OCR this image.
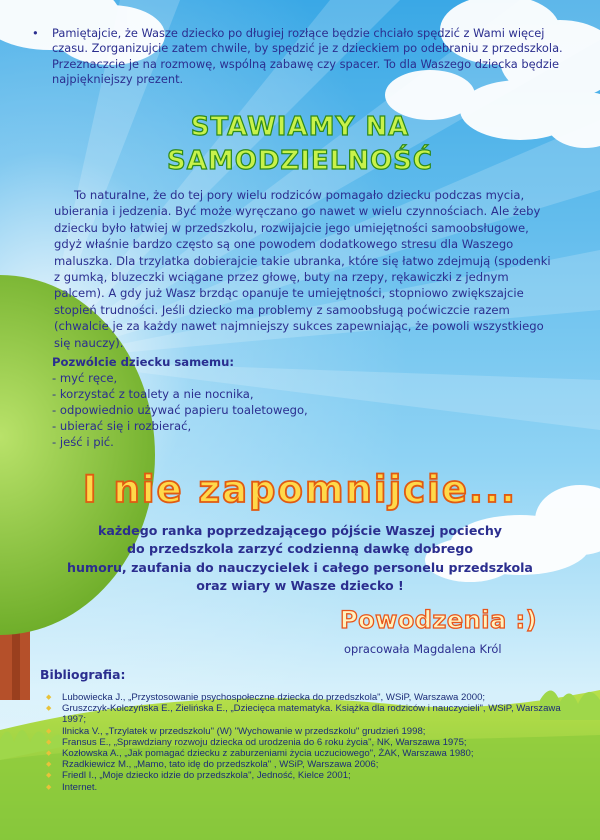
• Pamiętajcie, że Wasze dziecko po długiej rozłące będzie chciało spędzić z Wami więcej czasu. Zorganizujcie zatem chwile, by spędzić je z dzieckiem po odebraniu z przedszkola. Przeznaczcie je na rozmowę, wspólną zabawę czy spacer. To dla Waszego dziecka będzie najpiękniejszy prezent.
STAWIAMY NA
SAMODZIELNOŚĆ
To naturalne, że do tej pory wielu rodziców pomagało dziecku podczas mycia, ubierania i jedzenia. Być może wyręczano go nawet w wielu czynnościach. Ale żeby dziecku było łatwiej w przedszkolu, rozwijajcie jego umiejętności samoobsługowe, gdyż właśnie bardzo często są one powodem dodatkowego stresu dla Waszego maluszka. Dla trzylatka dobierajcie takie ubranka, które się łatwo zdejmują (spodenki z gumką, bluzeczki wciągane przez głowę, buty na rzepy, rękawiczki z jednym palcem). A gdy już Wasz brzdąc opanuje te umiejętności, stopniowo zwiększajcie stopień trudności. Jeśli dziecko ma problemy z samoobsługą poćwiczcie razem (chwalcie je za każdy nawet najmniejszy sukces zapewniając, że powoli wszystkiego się nauczy).
Pozwólcie dziecku samemu:
- myć ręce,
- korzystać z toalety a nie nocnika,
- odpowiednio używać papieru toaletowego,
- ubierać się i rozbierać,
- jeść i pić.
I nie zapomnijcie...
każdego ranka poprzedzającego pójście Waszej pociechy
do przedszkola zarzyć codzienną dawkę dobrego
humoru, zaufania do nauczycielek i całego personelu przedszkola
oraz wiary w Wasze dziecko !
Powodzenia :)
opracowała Magdalena Król
Bibliografia:
◆ Lubowiecka J., „Przystosowanie psychospołeczne dziecka do przedszkola", WSiP, Warszawa 2000;
◆ Gruszczyk-Kolczyńska E., Zielińska E., „Dziecięca matematyka. Książka dla rodziców i nauczycieli", WSiP, Warszawa 1997;
◆ Ilnicka V., „Trzylatek w przedszkolu" (W) "Wychowanie w przedszkolu" grudzień 1998;
◆ Fransus E., „Sprawdziany rozwoju dziecka od urodzenia do 6 roku życia", NK, Warszawa 1975;
◆ Kozłowska A., „Jak pomagać dziecku z zaburzeniami życia uczuciowego", ŻAK, Warszawa 1980;
◆ Rzadkiewicz M., „Mamo, tato idę do przedszkola" , WSiP, Warszawa 2006;
◆ Friedl I., „Moje dziecko idzie do przedszkola", Jedność, Kielce 2001;
◆ Internet.
